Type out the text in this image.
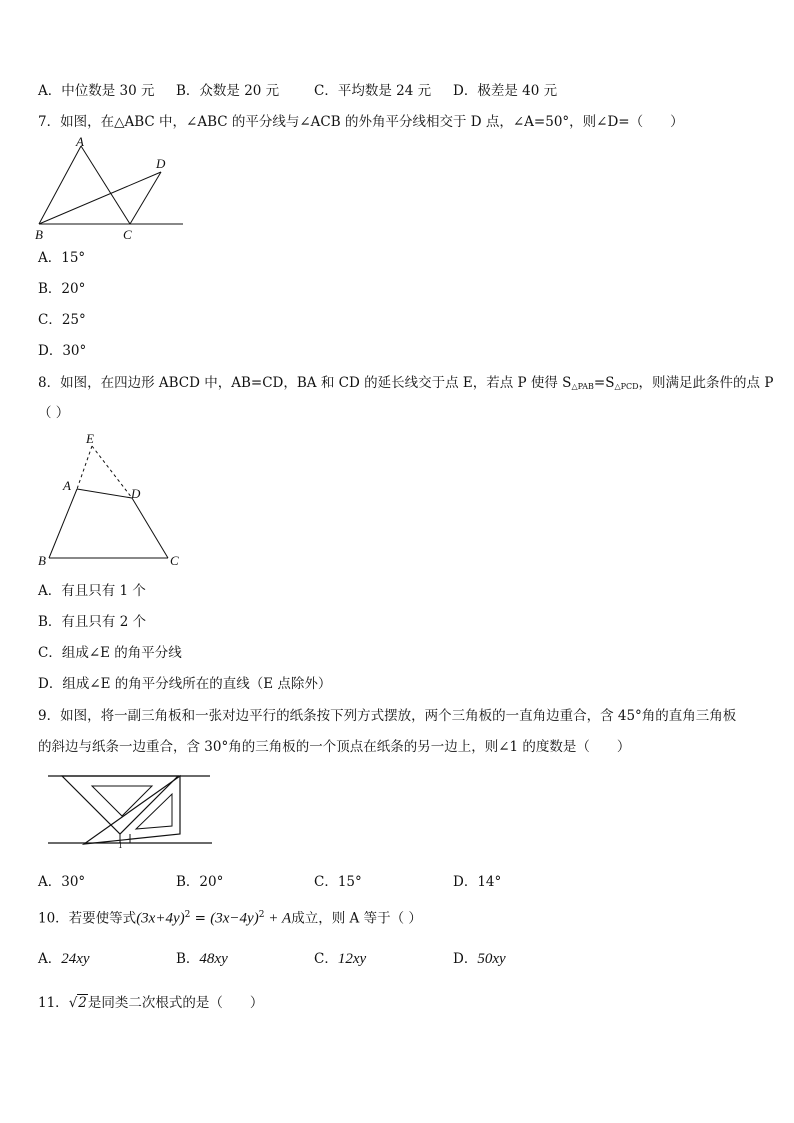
A．中位数是 30 元 B．众数是 20 元	C．平均数是 24 元 D．极差是 40 元
7．如图，在△ABC 中，∠ABC 的平分线与∠ACB 的外角平分线相交于 D 点，∠A=50°，则∠D=（　　）
A
D
B	C
A．15°
B．20°
C．25°
D．30°
8．如图，在四边形 ABCD 中，AB=CD，BA 和 CD 的延长线交于点 E，若点 P 使得 $S_{\triangle PAB}=S_{\triangle PCD}$，则满足此条件的点 P
（ ）
E
A
D
B	C
A．有且只有 1 个
B．有且只有 2 个
C．组成∠E 的角平分线
D．组成∠E 的角平分线所在的直线（E 点除外）
9．如图，将一副三角板和一张对边平行的纸条按下列方式摆放，两个三角板的一直角边重合，含 45°角的直角三角板
的斜边与纸条一边重合，含 30°角的三角板的一个顶点在纸条的另一边上，则∠1 的度数是（　　）
1
A．30°	B．20°	C．15°	D．14°
10．若要使等式$(3x+4y)^2 = (3x-4y)^2 + A$成立，则 A 等于（ ）
A．24xy	B．48xy	C．12xy	D．50xy
11．√2是同类二次根式的是（　　）
